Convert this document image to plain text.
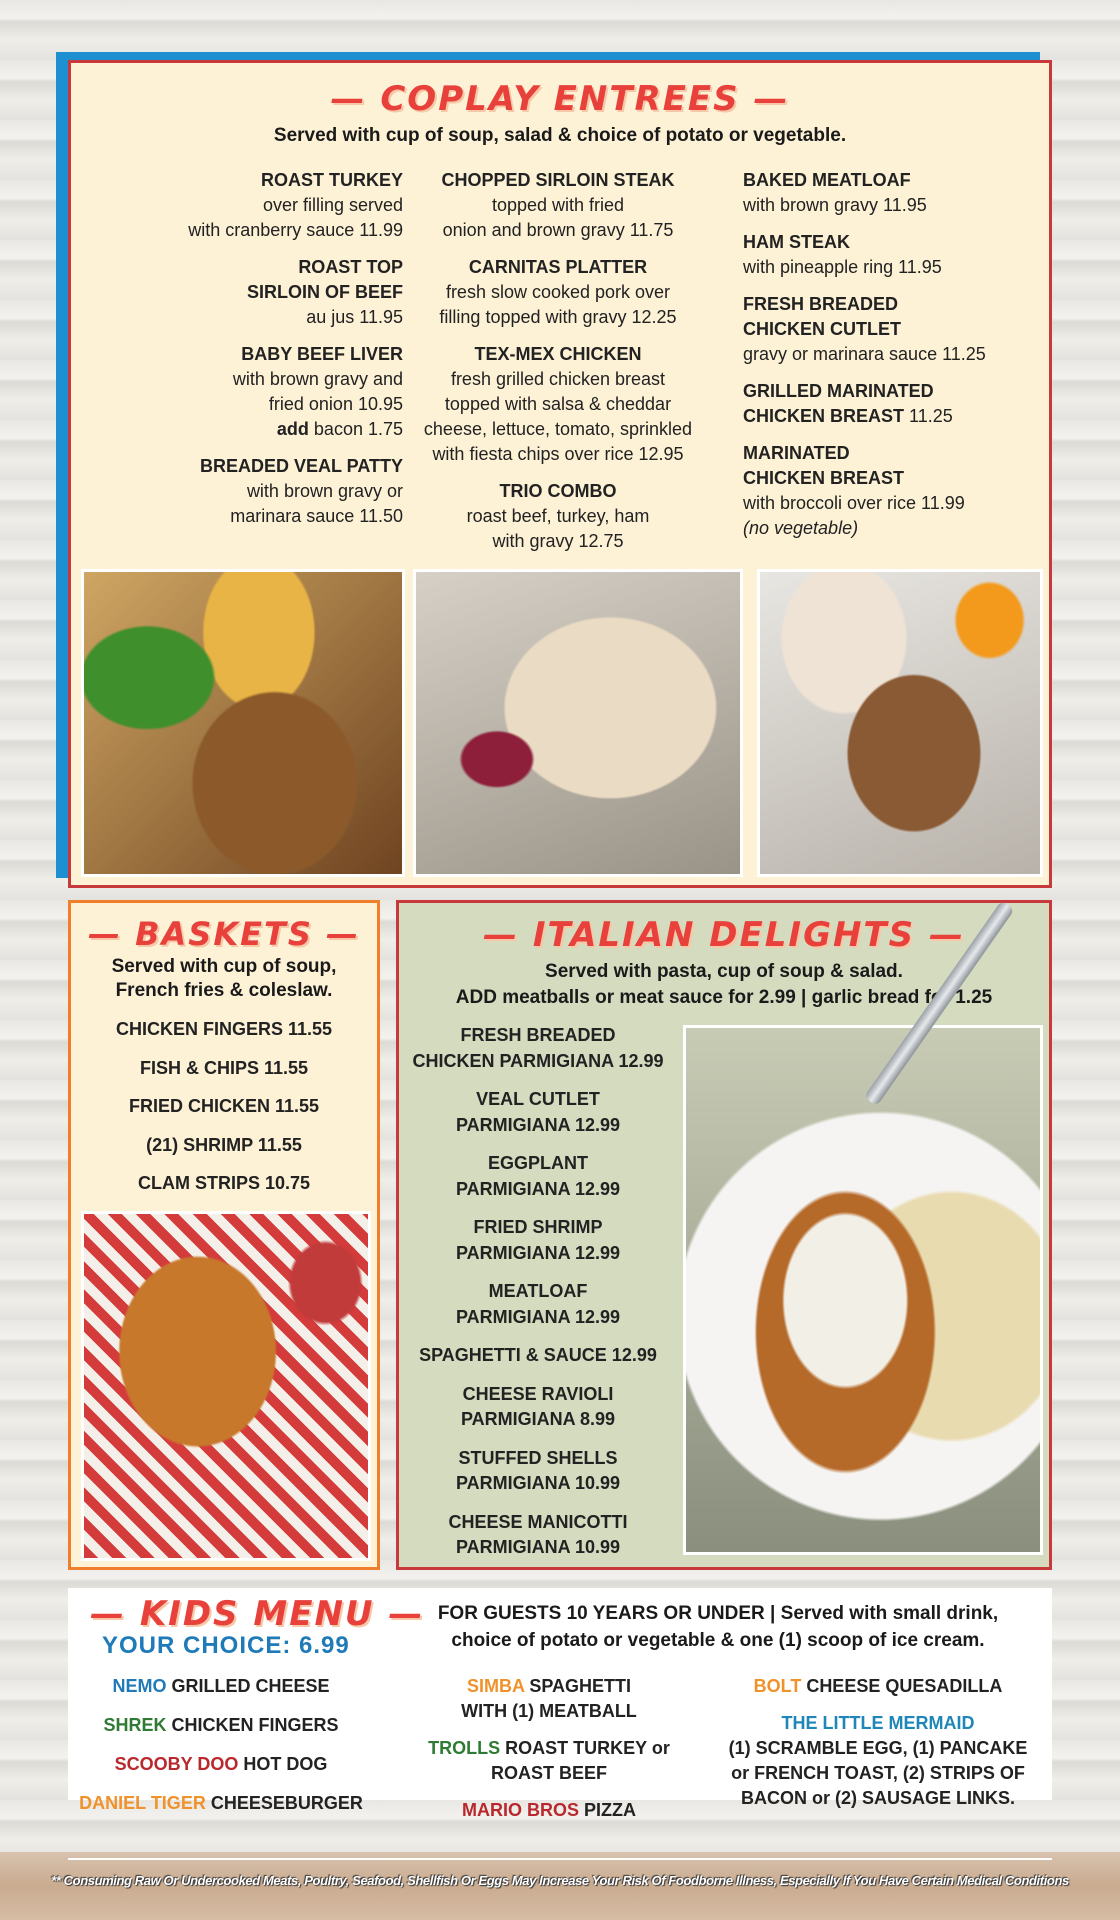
— COPLAY ENTREES —
Served with cup of soup, salad & choice of potato or vegetable.
ROAST TURKEY
over filling served
with cranberry sauce 11.99
ROAST TOP
SIRLOIN OF BEEF
au jus 11.95
BABY BEEF LIVER
with brown gravy and
fried onion 10.95
add bacon 1.75
BREADED VEAL PATTY
with brown gravy or
marinara sauce 11.50
CHOPPED SIRLOIN STEAK
topped with fried
onion and brown gravy 11.75
CARNITAS PLATTER
fresh slow cooked pork over
filling topped with gravy 12.25
TEX-MEX CHICKEN
fresh grilled chicken breast
topped with salsa & cheddar
cheese, lettuce, tomato, sprinkled
with fiesta chips over rice 12.95
TRIO COMBO
roast beef, turkey, ham
with gravy 12.75
BAKED MEATLOAF
with brown gravy 11.95
HAM STEAK
with pineapple ring 11.95
FRESH BREADED
CHICKEN CUTLET
gravy or marinara sauce 11.25
GRILLED MARINATED
CHICKEN BREAST 11.25
MARINATED
CHICKEN BREAST
with broccoli over rice 11.99
(no vegetable)
— BASKETS —
Served with cup of soup,
French fries & coleslaw.
CHICKEN FINGERS 11.55
FISH & CHIPS 11.55
FRIED CHICKEN 11.55
(21) SHRIMP 11.55
CLAM STRIPS 10.75
— ITALIAN DELIGHTS —
Served with pasta, cup of soup & salad.
ADD meatballs or meat sauce for 2.99 | garlic bread for 1.25
FRESH BREADED
CHICKEN PARMIGIANA 12.99
VEAL CUTLET
PARMIGIANA 12.99
EGGPLANT
PARMIGIANA 12.99
FRIED SHRIMP
PARMIGIANA 12.99
MEATLOAF
PARMIGIANA 12.99
SPAGHETTI & SAUCE 12.99
CHEESE RAVIOLI
PARMIGIANA 8.99
STUFFED SHELLS
PARMIGIANA 10.99
CHEESE MANICOTTI
PARMIGIANA 10.99
— KIDS MENU —
YOUR CHOICE: 6.99
FOR GUESTS 10 YEARS OR UNDER | Served with small drink,
choice of potato or vegetable & one (1) scoop of ice cream.
NEMO GRILLED CHEESE
SHREK CHICKEN FINGERS
SCOOBY DOO HOT DOG
DANIEL TIGER CHEESEBURGER
SIMBA SPAGHETTI
WITH (1) MEATBALL
TROLLS ROAST TURKEY or
ROAST BEEF
MARIO BROS PIZZA
BOLT CHEESE QUESADILLA
THE LITTLE MERMAID
(1) SCRAMBLE EGG, (1) PANCAKE
or FRENCH TOAST, (2) STRIPS OF
BACON or (2) SAUSAGE LINKS.
** Consuming Raw Or Undercooked Meats, Poultry, Seafood, Shellfish Or Eggs May Increase Your Risk Of Foodborne Illness, Especially If You Have Certain Medical Conditions
